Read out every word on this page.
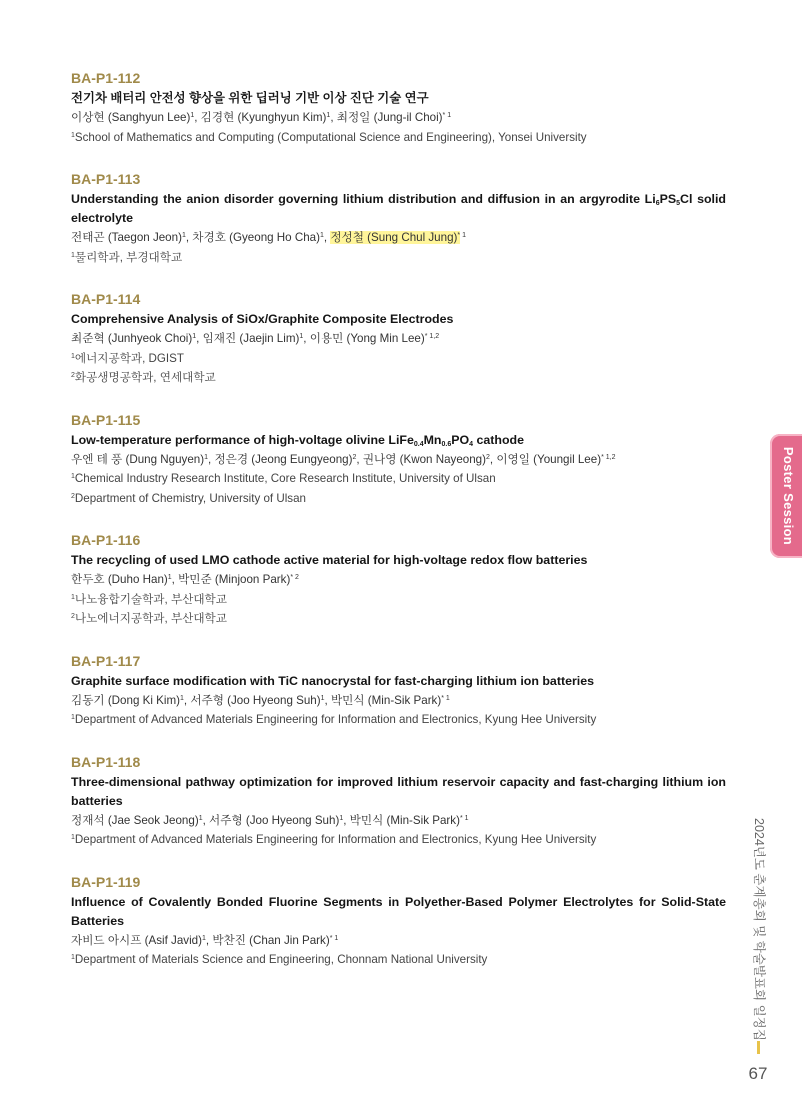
BA-P1-112
전기차 배터리 안전성 향상을 위한 딥러닝 기반 이상 진단 기술 연구
이상현 (Sanghyun Lee)$^1$, 김경현 (Kyunghyun Kim)$^1$, 최정일 (Jung-il Choi)$^{* 1}$
$^1$School of Mathematics and Computing (Computational Science and Engineering), Yonsei University
BA-P1-113
Understanding the anion disorder governing lithium distribution and diffusion in an argyrodite $Li_6PS_5Cl$ solid electrolyte
전태곤 (Taegon Jeon)$^1$, 차경호 (Gyeong Ho Cha)$^1$, 정성철 (Sung Chul Jung)* $^1$
$^1$물리학과, 부경대학교
BA-P1-114
Comprehensive Analysis of SiOx/Graphite Composite Electrodes
최준혁 (Junhyeok Choi)$^1$, 임재진 (Jaejin Lim)$^1$, 이용민 (Yong Min Lee)$^{* 1,2}$
$^1$에너지공학과, DGIST
$^2$화공생명공학과, 연세대학교
BA-P1-115
Low-temperature performance of high-voltage olivine $LiFe_{0.4}Mn_{0.6}PO_4$ cathode
우엔 테 풍 (Dung Nguyen)$^1$, 정은경 (Jeong Eungyeong)$^2$, 권나영 (Kwon Nayeong)$^2$, 이영일 (Youngil Lee)$^{* 1,2}$
$^1$Chemical Industry Research Institute, Core Research Institute, University of Ulsan
$^2$Department of Chemistry, University of Ulsan
BA-P1-116
The recycling of used LMO cathode active material for high-voltage redox flow batteries
한두호 (Duho Han)$^1$, 박민준 (Minjoon Park)$^{* 2}$
$^1$나노융합기술학과, 부산대학교
$^2$나노에너지공학과, 부산대학교
BA-P1-117
Graphite surface modification with TiC nanocrystal for fast-charging lithium ion batteries
김동기 (Dong Ki Kim)$^1$, 서주형 (Joo Hyeong Suh)$^1$, 박민식 (Min-Sik Park)$^{* 1}$
$^1$Department of Advanced Materials Engineering for Information and Electronics, Kyung Hee University
BA-P1-118
Three-dimensional pathway optimization for improved lithium reservoir capacity and fast-charging lithium ion batteries
정재석 (Jae Seok Jeong)$^1$, 서주형 (Joo Hyeong Suh)$^1$, 박민식 (Min-Sik Park)$^{* 1}$
$^1$Department of Advanced Materials Engineering for Information and Electronics, Kyung Hee University
BA-P1-119
Influence of Covalently Bonded Fluorine Segments in Polyether-Based Polymer Electrolytes for Solid-State Batteries
자비드 아시프 (Asif Javid)$^1$, 박찬진 (Chan Jin Park)$^{* 1}$
$^1$Department of Materials Science and Engineering, Chonnam National University
Poster Session
2024년도 춘계총회 및 학술발표회 일정집
67
